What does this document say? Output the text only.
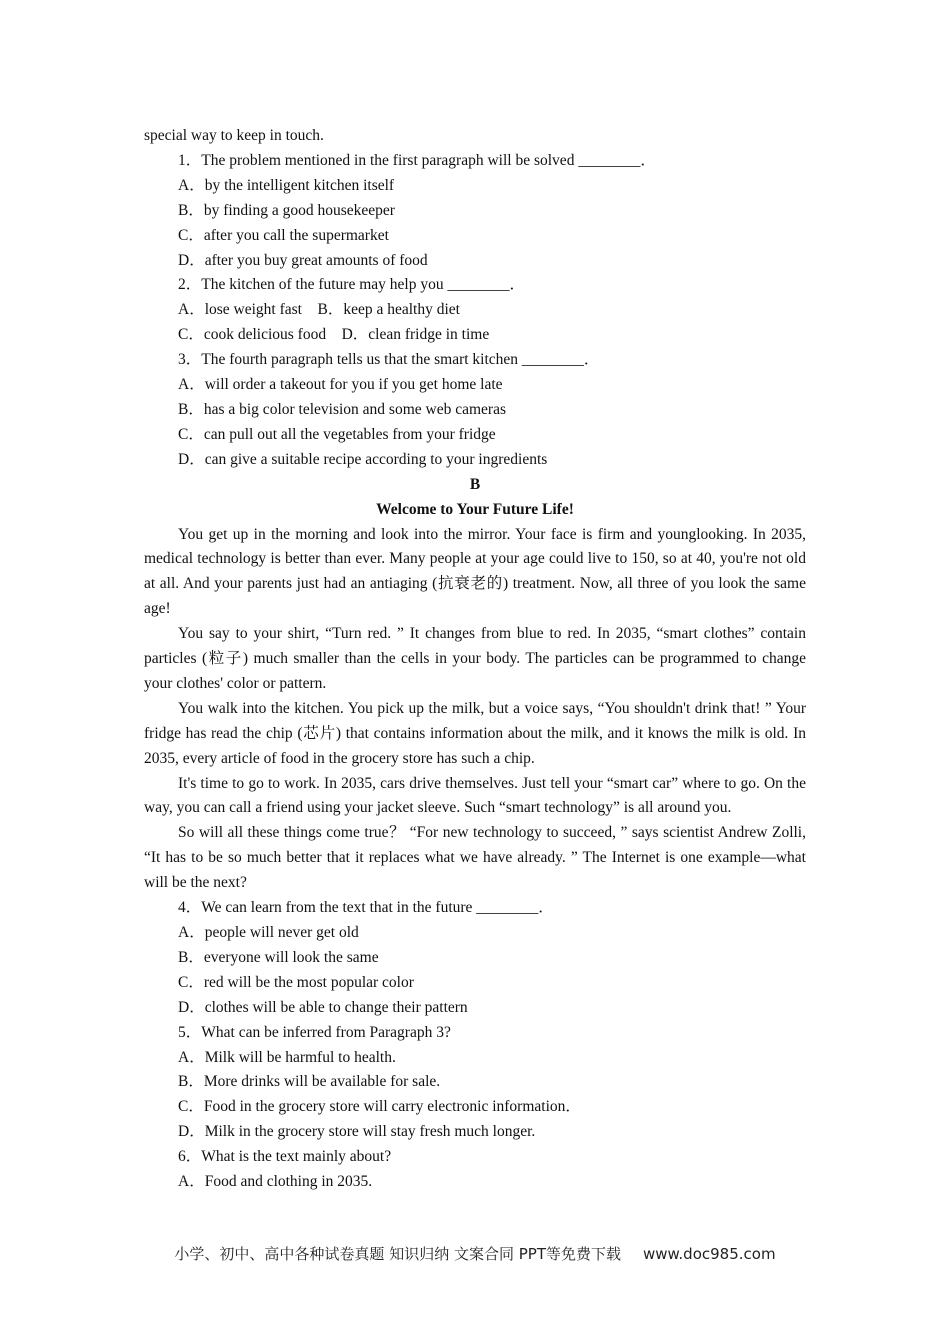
special way to keep in touch.
1．The problem mentioned in the first paragraph will be solved ________．
A．by the intelligent kitchen itself
B．by finding a good housekeeper
C．after you call the supermarket
D．after you buy great amounts of food
2．The kitchen of the future may help you ________．
A．lose weight fast　B．keep a healthy diet
C．cook delicious food　D．clean fridge in time
3．The fourth paragraph tells us that the smart kitchen ________．
A．will order a takeout for you if you get home late
B．has a big color television and some web cameras
C．can pull out all the vegetables from your fridge
D．can give a suitable recipe according to your ingredients
B
Welcome to Your Future Life!

You get up in the morning and look into the mirror. Your face is firm and younglooking. In 2035, medical technology is better than ever. Many people at your age could live to 150, so at 40, you're not old at all. And your parents just had an antiaging (抗衰老的) treatment. Now, all three of you look the same age!

You say to your shirt, “Turn red. ” It changes from blue to red. In 2035, “smart clothes” contain particles (粒子) much smaller than the cells in your body. The particles can be programmed to change your clothes' color or pattern.

You walk into the kitchen. You pick up the milk, but a voice says, “You shouldn't drink that! ” Your fridge has read the chip (芯片) that contains information about the milk, and it knows the milk is old. In 2035, every article of food in the grocery store has such a chip.

It's time to go to work. In 2035, cars drive themselves. Just tell your “smart car” where to go. On the way, you can call a friend using your jacket sleeve. Such “smart technology” is all around you.

So will all these things come true？ “For new technology to succeed, ” says scientist Andrew Zolli, “It has to be so much better that it replaces what we have already. ” The Internet is one example—what will be the next?

4．We can learn from the text that in the future ________．
A．people will never get old
B．everyone will look the same
C．red will be the most popular color
D．clothes will be able to change their pattern
5．What can be inferred from Paragraph 3?
A．Milk will be harmful to health.
B．More drinks will be available for sale.
C．Food in the grocery store will carry electronic information．
D．Milk in the grocery store will stay fresh much longer.
6．What is the text mainly about?
A．Food and clothing in 2035.
小学、初中、高中各种试卷真题 知识归纳 文案合同 PPT等免费下载 www.doc985.com
